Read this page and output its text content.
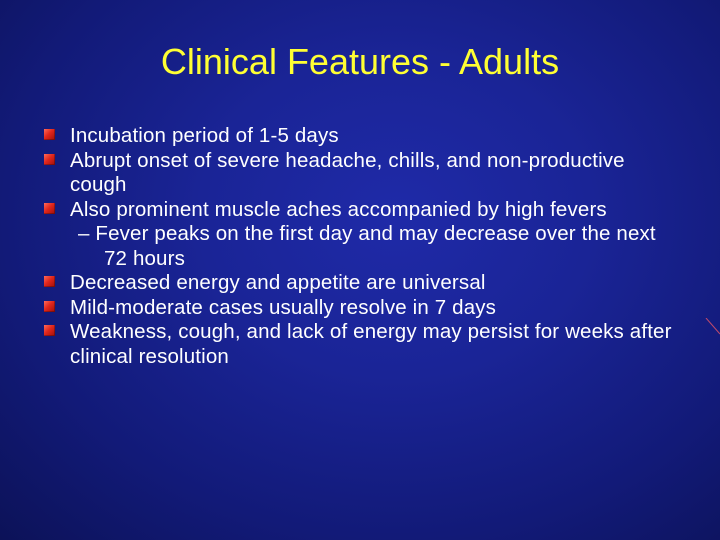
Clinical Features - Adults
Incubation period of 1-5 days
Abrupt onset of severe headache, chills, and non-productive cough
Also prominent muscle aches accompanied by high fevers
– Fever peaks on the first day and may decrease over the next 72 hours
Decreased energy and appetite are universal
Mild-moderate cases usually resolve in 7 days
Weakness, cough, and lack of energy may persist for weeks after clinical resolution
